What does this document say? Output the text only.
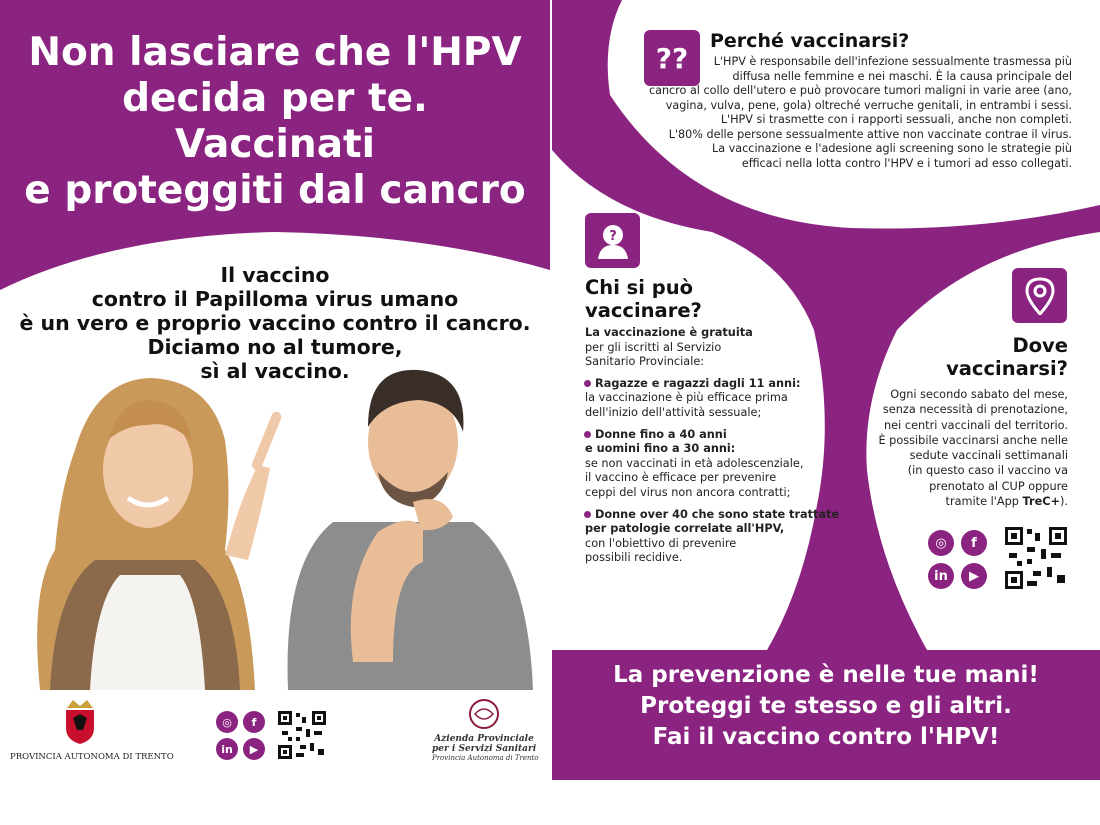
Non lasciare che l'HPV
decida per te.
Vaccinati
e proteggiti dal cancro
Il vaccino
contro il Papilloma virus umano
è un vero e proprio vaccino contro il cancro.
Diciamo no al tumore,
sì al vaccino.
PROVINCIA AUTONOMA DI TRENTO
◎	f
in	▶
Azienda Provinciale
per i Servizi Sanitari
Provincia Autonoma di Trento
??
Perché vaccinarsi?
L'HPV è responsabile dell'infezione sessualmente trasmessa più
diffusa nelle femmine e nei maschi. È la causa principale del
cancro al collo dell'utero e può provocare tumori maligni in varie aree (ano,
vagina, vulva, pene, gola) oltreché verruche genitali, in entrambi i sessi.
L'HPV si trasmette con i rapporti sessuali, anche non completi.
L'80% delle persone sessualmente attive non vaccinate contrae il virus.
La vaccinazione e l'adesione agli screening sono le strategie più
efficaci nella lotta contro l'HPV e i tumori ad esso collegati.
?
Chi si può
vaccinare?
La vaccinazione è gratuita
per gli iscritti al Servizio
Sanitario Provinciale:
Ragazze e ragazzi dagli 11 anni:
la vaccinazione è più efficace prima
dell'inizio dell'attività sessuale;
Donne fino a 40 anni
e uomini fino a 30 anni:
se non vaccinati in età adolescenziale,
il vaccino è efficace per prevenire
ceppi del virus non ancora contratti;
Donne over 40 che sono state trattate
per patologie correlate all'HPV,
con l'obiettivo di prevenire
possibili recidive.
Dove
vaccinarsi?
Ogni secondo sabato del mese,
senza necessità di prenotazione,
nei centri vaccinali del territorio.
È possibile vaccinarsi anche nelle
sedute vaccinali settimanali
(in questo caso il vaccino va
prenotato al CUP oppure
tramite l'App TreC+).
◎	f
in	▶
La prevenzione è nelle tue mani!
Proteggi te stesso e gli altri.
Fai il vaccino contro l'HPV!
